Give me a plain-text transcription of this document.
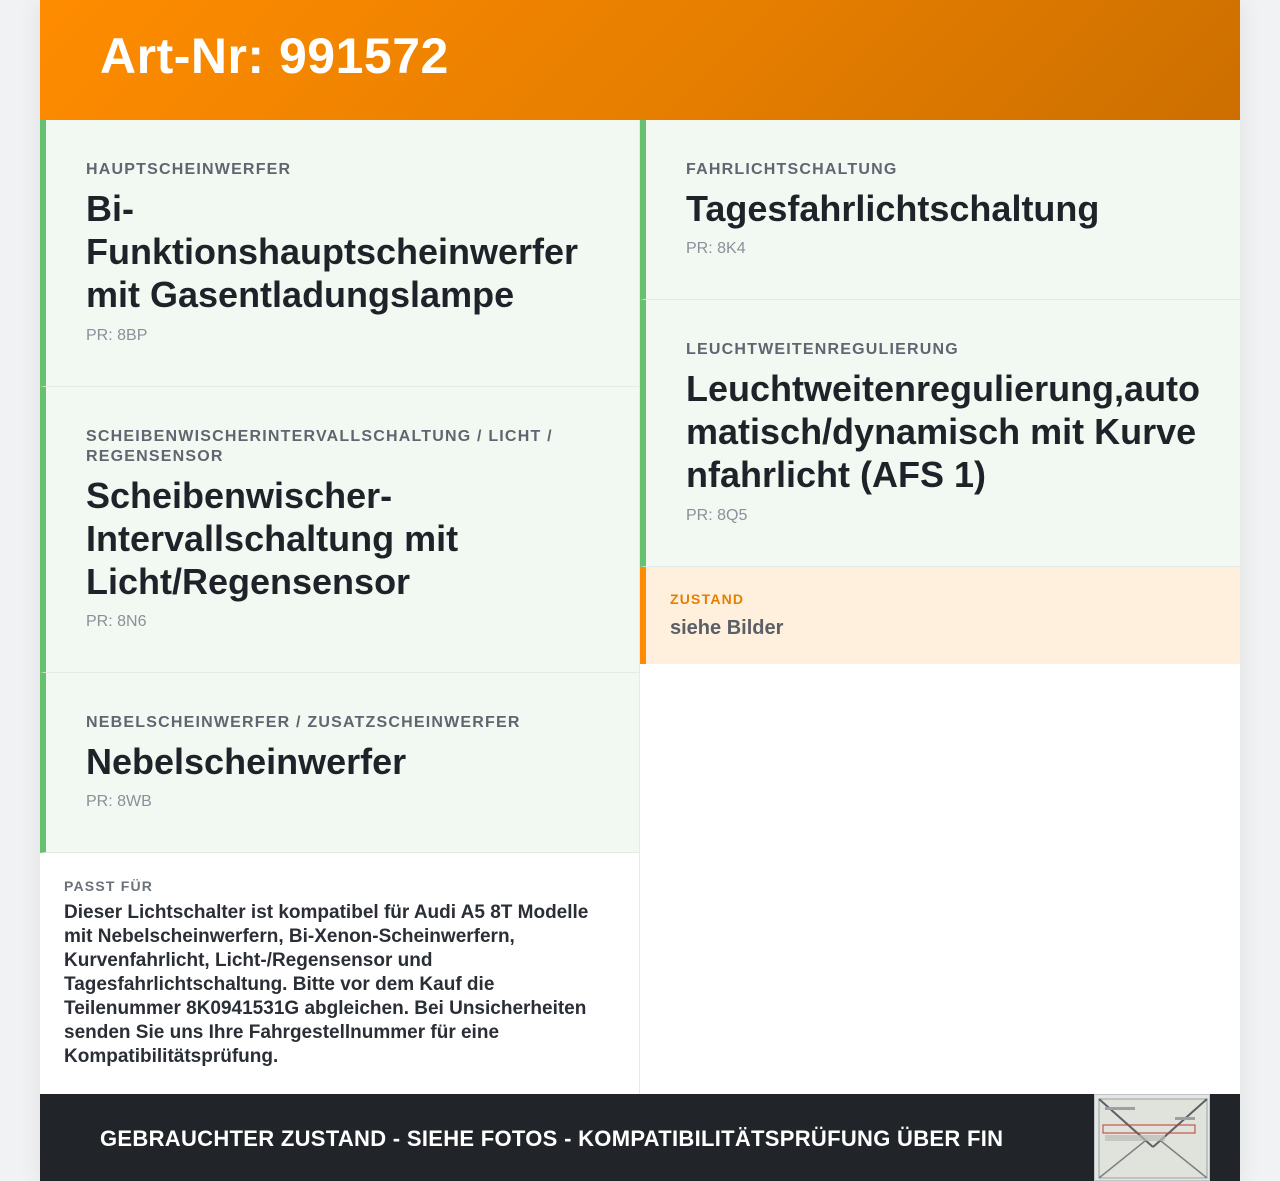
Art-Nr: 991572
HAUPTSCHEINWERFER
Bi-Funktionshauptscheinwerfer mit Gasentladungslampe
PR: 8BP
SCHEIBENWISCHERINTERVALLSCHALTUNG / LICHT / REGENSENSOR
Scheibenwischer-Intervallschaltung mit Licht/Regensensor
PR: 8N6
NEBELSCHEINWERFER / ZUSATZSCHEINWERFER
Nebelscheinwerfer
PR: 8WB
PASST FÜR
Dieser Lichtschalter ist kompatibel für Audi A5 8T Modelle mit Nebelscheinwerfern, Bi-Xenon-Scheinwerfern, Kurvenfahrlicht, Licht-/Regensensor und Tagesfahrlichtschaltung. Bitte vor dem Kauf die Teilenummer 8K0941531G abgleichen. Bei Unsicherheiten senden Sie uns Ihre Fahrgestellnummer für eine Kompatibilitätsprüfung.
FAHRLICHTSCHALTUNG
Tagesfahrlichtschaltung
PR: 8K4
LEUCHTWEITENREGULIERUNG
Leuchtweitenregulierung,automatisch/dynamisch mit Kurvenfahrlicht (AFS 1)
PR: 8Q5
ZUSTAND
siehe Bilder
GEBRAUCHTER ZUSTAND - SIEHE FOTOS - KOMPATIBILITÄTSPRÜFUNG ÜBER FIN
